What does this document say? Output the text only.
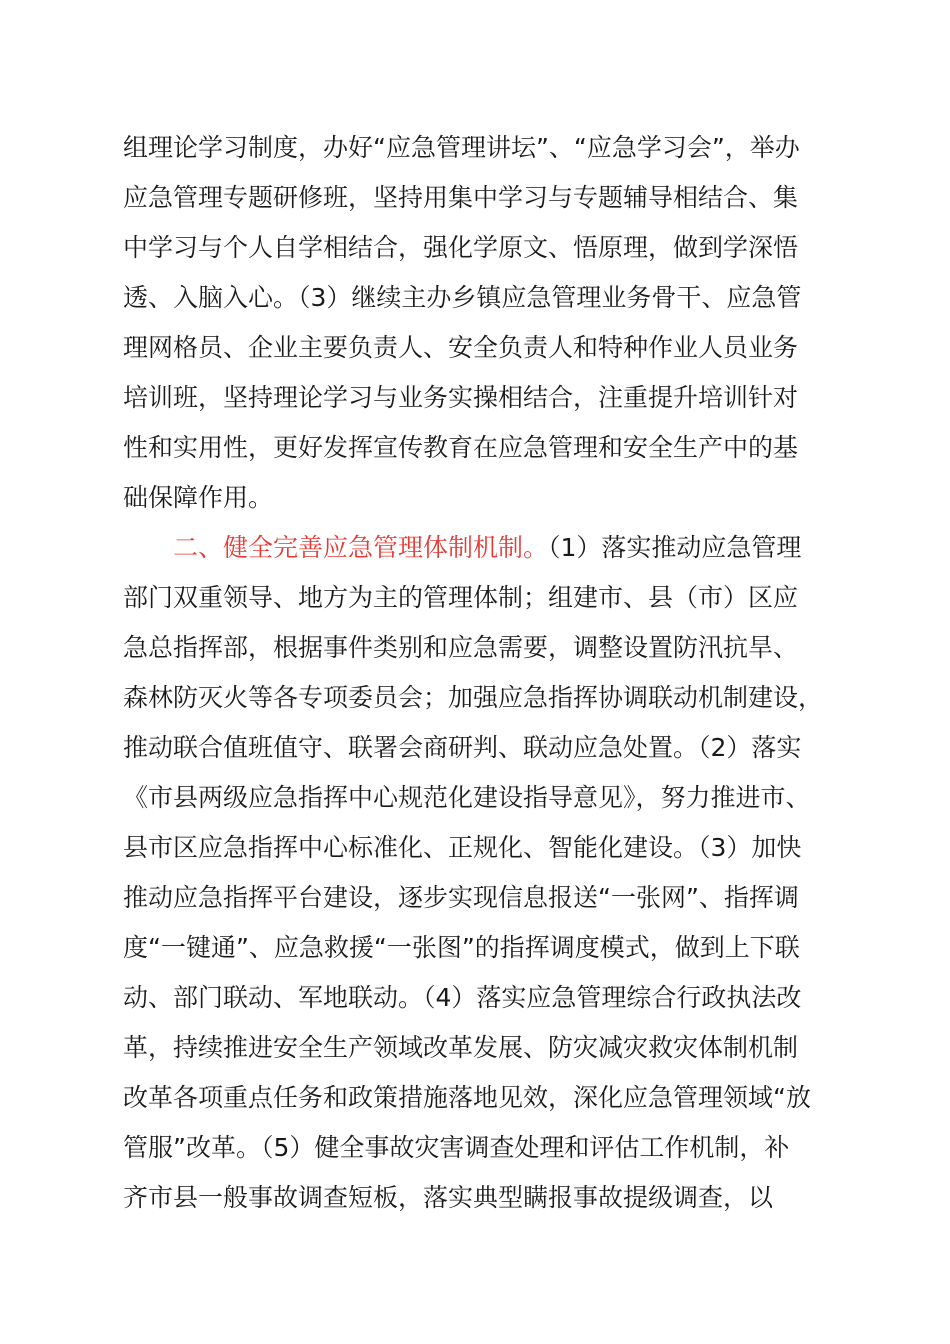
组理论学习制度，办好“应急管理讲坛”、“应急学习会”，举办
应急管理专题研修班，坚持用集中学习与专题辅导相结合、集
中学习与个人自学相结合，强化学原文、悟原理，做到学深悟
透、入脑入心。（3）继续主办乡镇应急管理业务骨干、应急管
理网格员、企业主要负责人、安全负责人和特种作业人员业务
培训班，坚持理论学习与业务实操相结合，注重提升培训针对
性和实用性，更好发挥宣传教育在应急管理和安全生产中的基
础保障作用。
二、健全完善应急管理体制机制。（1）落实推动应急管理
部门双重领导、地方为主的管理体制；组建市、县（市）区应
急总指挥部，根据事件类别和应急需要，调整设置防汛抗旱、
森林防灭火等各专项委员会；加强应急指挥协调联动机制建设，
推动联合值班值守、联署会商研判、联动应急处置。（2）落实
《市县两级应急指挥中心规范化建设指导意见》，努力推进市、
县市区应急指挥中心标准化、正规化、智能化建设。（3）加快
推动应急指挥平台建设，逐步实现信息报送“一张网”、指挥调
度“一键通”、应急救援“一张图”的指挥调度模式，做到上下联
动、部门联动、军地联动。（4）落实应急管理综合行政执法改
革，持续推进安全生产领域改革发展、防灾减灾救灾体制机制
改革各项重点任务和政策措施落地见效，深化应急管理领域“放
管服”改革。（5）健全事故灾害调查处理和评估工作机制，补
齐市县一般事故调查短板，落实典型瞒报事故提级调查，以
